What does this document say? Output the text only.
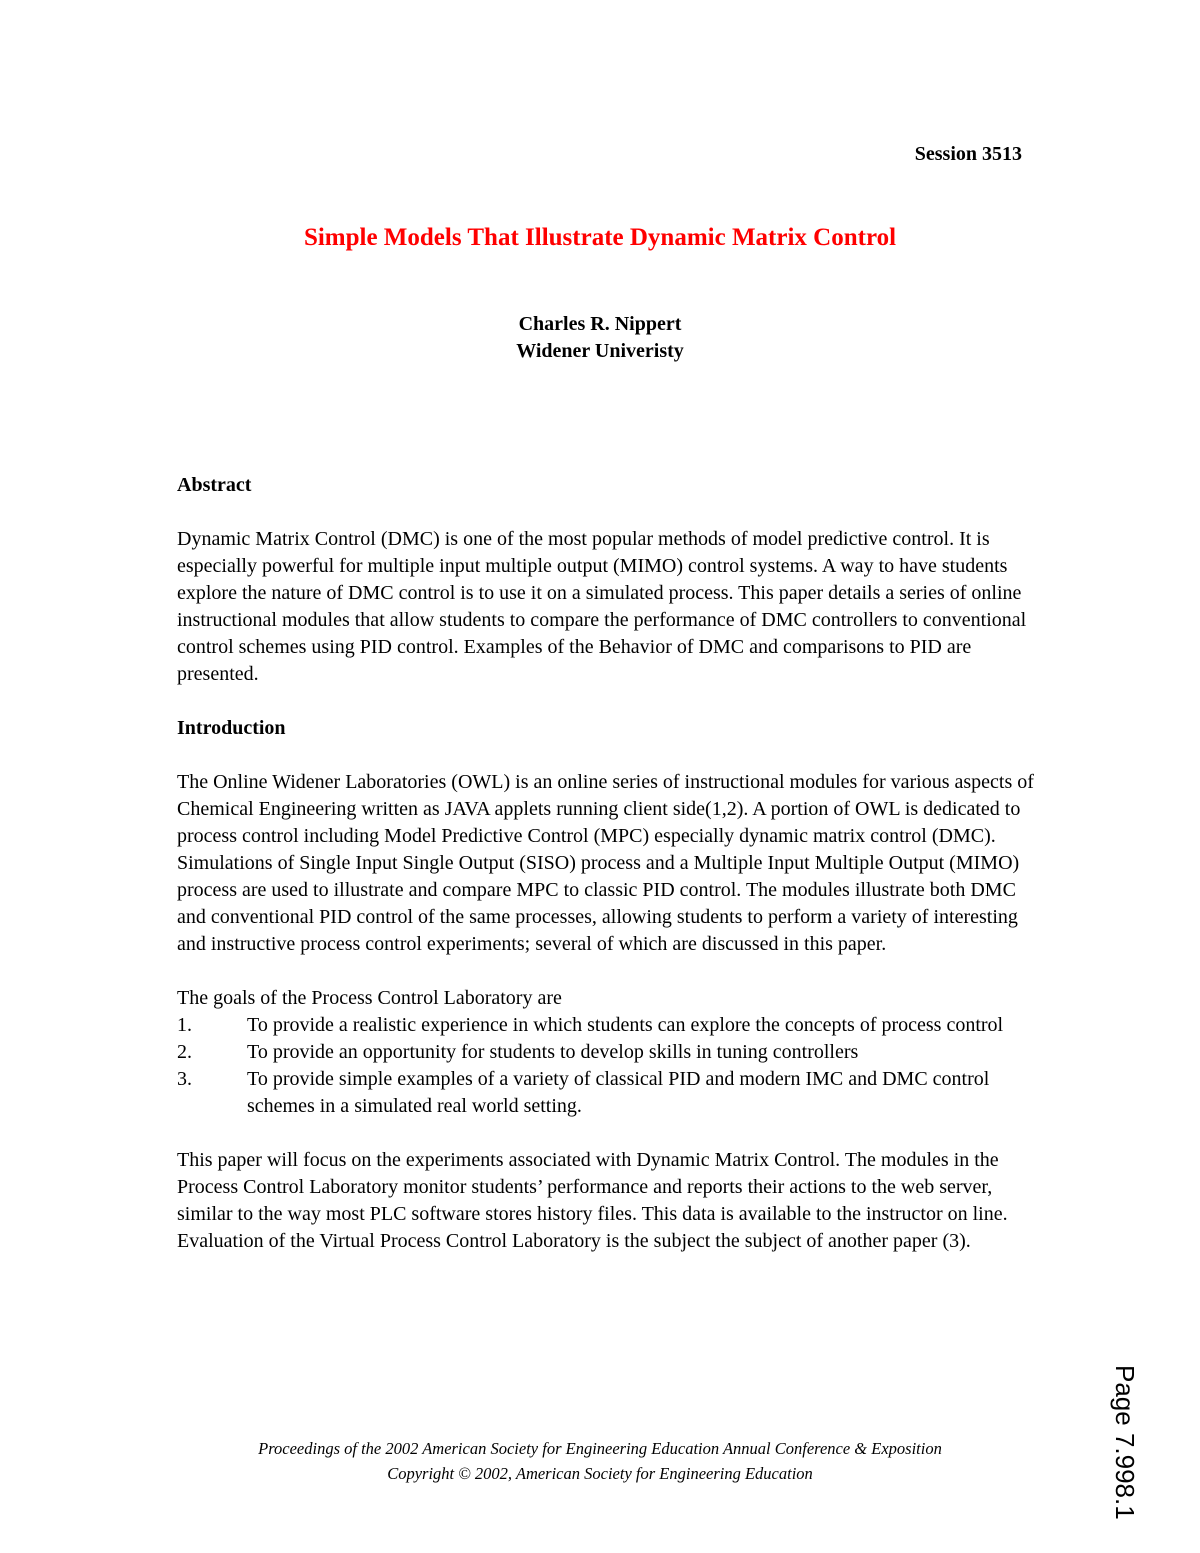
Session 3513
Simple Models That Illustrate Dynamic Matrix Control
Charles R. Nippert
Widener Univeristy
Abstract
Dynamic Matrix Control (DMC) is one of the most popular methods of model predictive control. It is especially powerful for multiple input multiple output (MIMO) control systems. A way to have students explore the nature of DMC control is to use it on a simulated process. This paper details a series of online instructional modules that allow students to compare the performance of DMC controllers to conventional control schemes using PID control. Examples of the Behavior of DMC and comparisons to PID are presented.
Introduction
The Online Widener Laboratories (OWL) is an online series of instructional modules for various aspects of Chemical Engineering written as JAVA applets running client side(1,2). A portion of OWL is dedicated to process control including Model Predictive Control (MPC) especially dynamic matrix control (DMC). Simulations of Single Input Single Output (SISO) process and a Multiple Input Multiple Output (MIMO) process are used to illustrate and compare MPC to classic PID control. The modules illustrate both DMC and conventional PID control of the same processes, allowing students to perform a variety of interesting and instructive process control experiments; several of which are discussed in this paper.
The goals of the Process Control Laboratory are
1.	To provide a realistic experience in which students can explore the concepts of process control
2.	To provide an opportunity for students to develop skills in tuning controllers
3.	To provide simple examples of a variety of classical PID and modern IMC and DMC control schemes in a simulated real world setting.
This paper will focus on the experiments associated with Dynamic Matrix Control. The modules in the Process Control Laboratory monitor students’ performance and reports their actions to the web server, similar to the way most PLC software stores history files. This data is available to the instructor on line. Evaluation of the Virtual Process Control Laboratory is the subject the subject of another paper (3).
Proceedings of the 2002 American Society for Engineering Education Annual Conference & Exposition
Copyright © 2002, American Society for Engineering Education	Page 7.998.1
